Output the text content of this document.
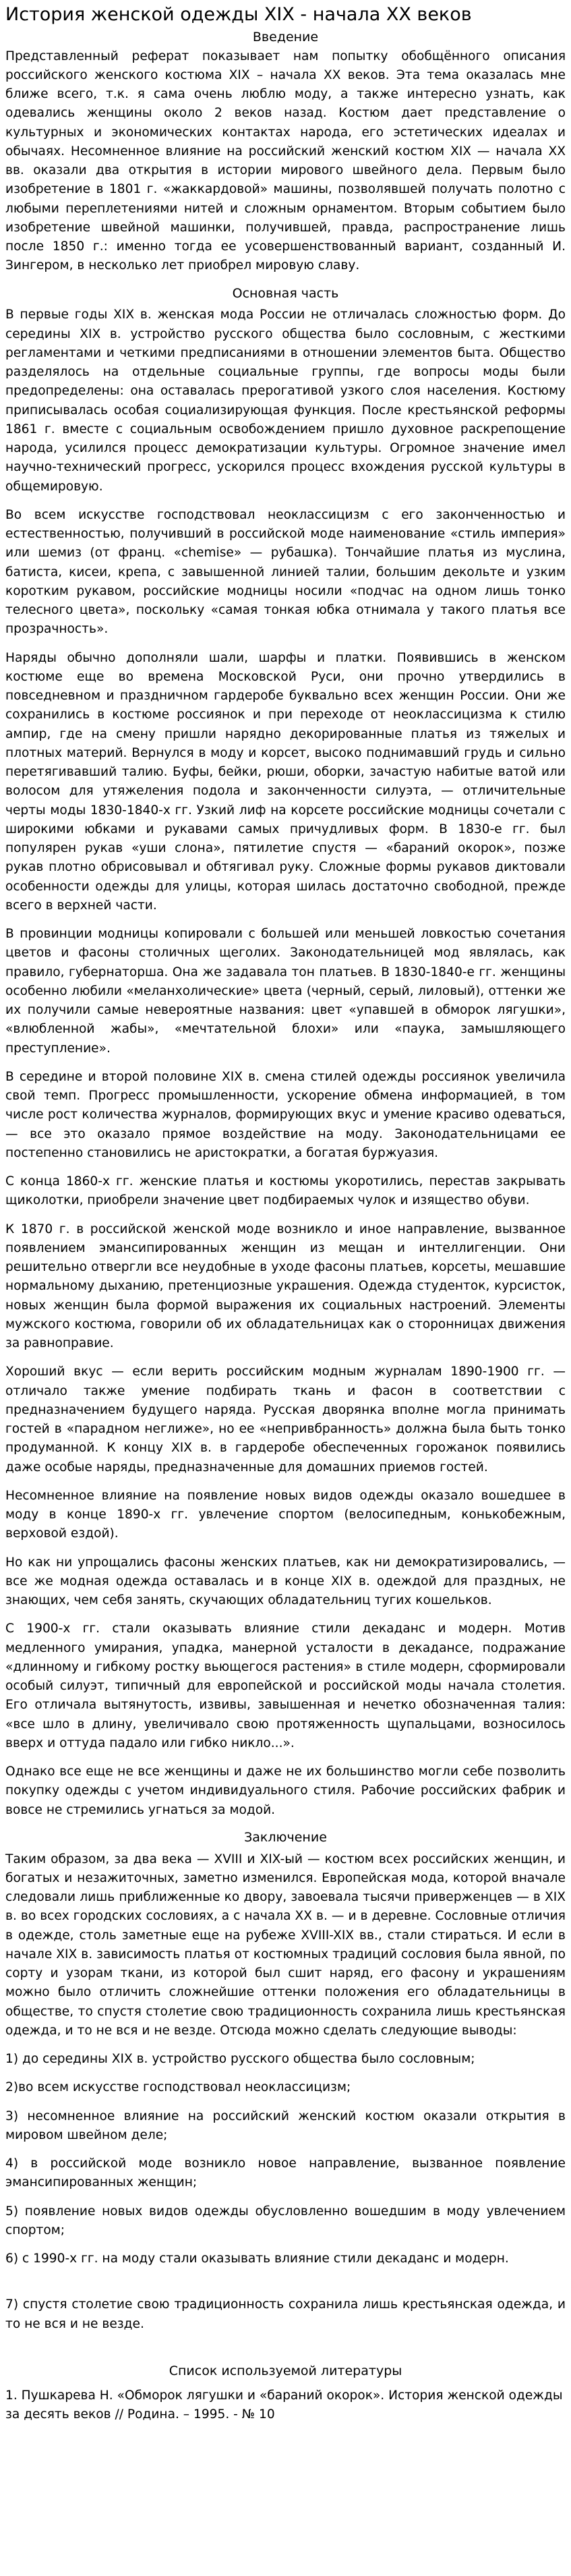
История женской одежды XIX - начала XX веков
Введение

Представленный реферат показывает нам попытку обобщённого описания российского женского костюма XIX – начала XX веков. Эта тема оказалась мне ближе всего, т.к. я сама очень люблю моду, а также интересно узнать, как одевались женщины около 2 веков назад. Костюм дает представление о культурных и экономических контактах народа, его эстетических идеалах и обычаях. Несомненное влияние на российский женский костюм XIX — начала XX вв. оказали два открытия в истории мирового швейного дела. Первым было изобретение в 1801 г. «жаккардовой» машины, позволявшей получать полотно с любыми переплетениями нитей и сложным орнаментом. Вторым событием было изобретение швейной машинки, получившей, правда, распространение лишь после 1850 г.: именно тогда ее усовершенствованный вариант, созданный И. Зингером, в несколько лет приобрел мировую славу.

Основная часть

В первые годы XIX в. женская мода России не отличалась сложностью форм. До середины XIX в. устройство русского общества было сословным, с жесткими регламентами и четкими предписаниями в отношении элементов быта. Общество разделялось на отдельные социальные группы, где вопросы моды были предопределены: она оставалась прерогативой узкого слоя населения. Костюму приписывалась особая социализирующая функция. После крестьянской реформы 1861 г. вместе с социальным освобождением пришло духовное раскрепощение народа, усилился процесс демократизации культуры. Огромное значение имел научно-технический прогресс, ускорился процесс вхождения русской культуры в общемировую.

Во всем искусстве господствовал неоклассицизм с его законченностью и естественностью, получивший в российской моде наименование «стиль империя» или шемиз (от франц. «chemise» — рубашка). Тончайшие платья из муслина, батиста, кисеи, крепа, с завышенной линией талии, большим декольте и узким коротким рукавом, российские модницы носили «подчас на одном лишь тонко телесного цвета», поскольку «самая тонкая юбка отнимала у такого платья все прозрачность».

Наряды обычно дополняли шали, шарфы и платки. Появившись в женском костюме еще во времена Московской Руси, они прочно утвердились в повседневном и праздничном гардеробе буквально всех женщин России. Они же сохранились в костюме россиянок и при переходе от неоклассицизма к стилю ампир, где на смену пришли нарядно декорированные платья из тяжелых и плотных материй. Вернулся в моду и корсет, высоко поднимавший грудь и сильно перетягивавший талию. Буфы, бейки, рюши, оборки, зачастую набитые ватой или волосом для утяжеления подола и законченности силуэта, — отличительные черты моды 1830-1840-х гг. Узкий лиф на корсете российские модницы сочетали с широкими юбками и рукавами самых причудливых форм. В 1830-е гг. был популярен рукав «уши слона», пятилетие спустя — «бараний окорок», позже рукав плотно обрисовывал и обтягивал руку. Сложные формы рукавов диктовали особенности одежды для улицы, которая шилась достаточно свободной, прежде всего в верхней части.

В провинции модницы копировали с большей или меньшей ловкостью сочетания цветов и фасоны столичных щеголих. Законодательницей мод являлась, как правило, губернаторша. Она же задавала тон платьев. В 1830-1840-е гг. женщины особенно любили «меланхолические» цвета (черный, серый, лиловый), оттенки же их получили самые невероятные названия: цвет «упавшей в обморок лягушки», «влюбленной жабы», «мечтательной блохи» или «паука, замышляющего преступление».

В середине и второй половине XIX в. смена стилей одежды россиянок увеличила свой темп. Прогресс промышленности, ускорение обмена информацией, в том числе рост количества журналов, формирующих вкус и умение красиво одеваться, — все это оказало прямое воздействие на моду. Законодательницами ее постепенно становились не аристократки, а богатая буржуазия.

С конца 1860-х гг. женские платья и костюмы укоротились, перестав закрывать щиколотки, приобрели значение цвет подбираемых чулок и изящество обуви.

К 1870 г. в российской женской моде возникло и иное направление, вызванное появлением эмансипированных женщин из мещан и интеллигенции. Они решительно отвергли все неудобные в уходе фасоны платьев, корсеты, мешавшие нормальному дыханию, претенциозные украшения. Одежда студенток, курсисток, новых женщин была формой выражения их социальных настроений. Элементы мужского костюма, говорили об их обладательницах как о сторонницах движения за равноправие.

Хороший вкус — если верить российским модным журналам 1890-1900 гг. — отличало также умение подбирать ткань и фасон в соответствии с предназначением будущего наряда. Русская дворянка вполне могла принимать гостей в «парадном неглиже», но ее «непривбранность» должна была быть тонко продуманной. К концу XIX в. в гардеробе обеспеченных горожанок появились даже особые наряды, предназначенные для домашних приемов гостей.

Несомненное влияние на появление новых видов одежды оказало вошедшее в моду в конце 1890-х гг. увлечение спортом (велосипедным, конькобежным, верховой ездой).

Но как ни упрощались фасоны женских платьев, как ни демократизировались, — все же модная одежда оставалась и в конце XIX в. одеждой для праздных, не знающих, чем себя занять, скучающих обладательниц тугих кошельков.

С 1900-х гг. стали оказывать влияние стили декаданс и модерн. Мотив медленного умирания, упадка, манерной усталости в декадансе, подражание «длинному и гибкому ростку вьющегося растения» в стиле модерн, сформировали особый силуэт, типичный для европейской и российской моды начала столетия. Его отличала вытянутость, извивы, завышенная и нечетко обозначенная талия: «все шло в длину, увеличивало свою протяженность щупальцами, возносилось вверх и оттуда падало или гибко никло...».

Однако все еще не все женщины и даже не их большинство могли себе позволить покупку одежды с учетом индивидуального стиля. Рабочие российских фабрик и вовсе не стремились угнаться за модой.

Заключение

Таким образом, за два века — XVIII и XIX-ый — костюм всех российских женщин, и богатых и незажиточных, заметно изменился. Европейская мода, которой вначале следовали лишь приближенные ко двору, завоевала тысячи приверженцев — в XIX в. во всех городских сословиях, а с начала XX в. — и в деревне. Сословные отличия в одежде, столь заметные еще на рубеже XVIII-XIX вв., стали стираться. И если в начале XIX в. зависимость платья от костюмных традиций сословия была явной, по сорту и узорам ткани, из которой был сшит наряд, его фасону и украшениям можно было отличить сложнейшие оттенки положения его обладательницы в обществе, то спустя столетие свою традиционность сохранила лишь крестьянская одежда, и то не вся и не везде. Отсюда можно сделать следующие выводы:

1) до середины XIX в. устройство русского общества было сословным;

2)во всем искусстве господствовал неоклассицизм;

3) несомненное влияние на российский женский костюм оказали открытия в мировом швейном деле;

4) в российской моде возникло новое направление, вызванное появление эмансипированных женщин;

5) появление новых видов одежды обусловленно вошедшим в моду увлечением спортом;

6) с 1990-х гг. на моду стали оказывать влияние стили декаданс и модерн.

7) спустя столетие свою традиционность сохранила лишь крестьянская одежда, и то не вся и не везде.

Список используемой литературы

1. Пушкарева Н. «Обморок лягушки и «бараний окорок». История женской одежды за десять веков // Родина. – 1995. - № 10
